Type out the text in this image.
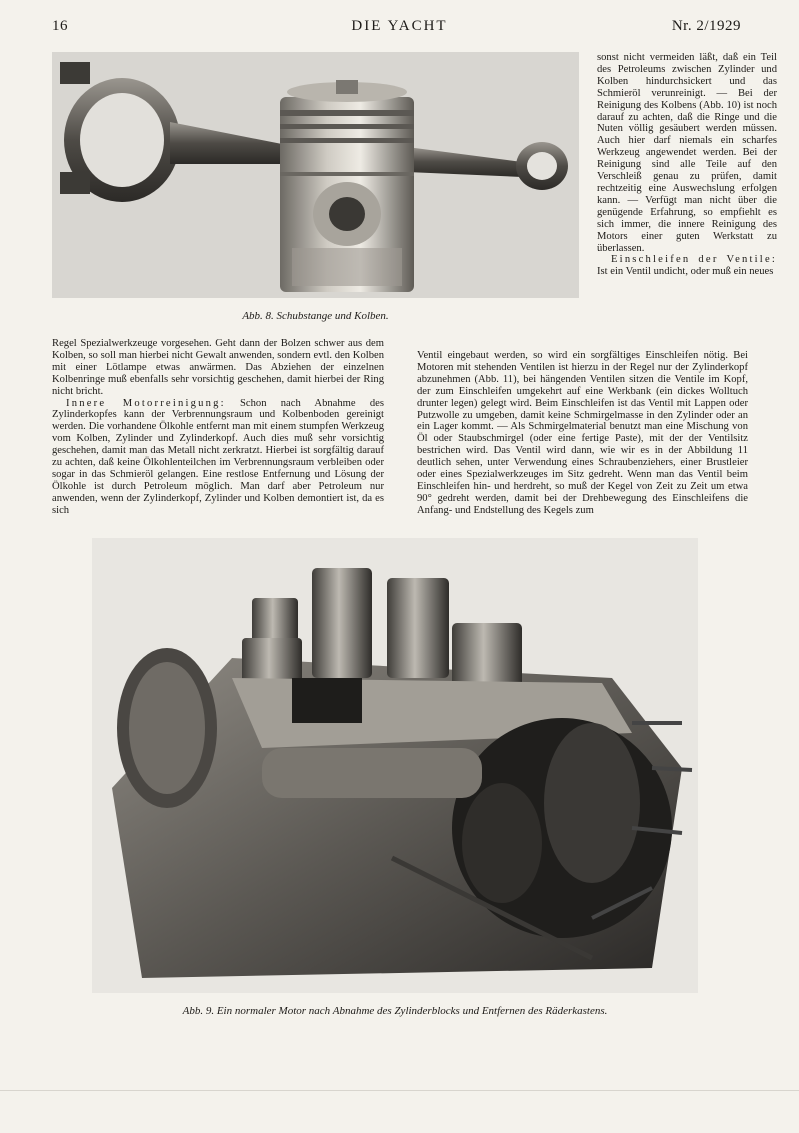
DIE YACHT
16	Nr. 2/1929
Abb. 8. Schubstange und Kolben.

sonst nicht vermeiden läßt, daß ein Teil des Petroleums zwischen Zylinder und Kolben hindurchsickert und das Schmieröl verunreinigt. — Bei der Reinigung des Kolbens (Abb. 10) ist noch darauf zu achten, daß die Ringe und die Nuten völlig gesäubert werden müssen. Auch hier darf niemals ein scharfes Werkzeug angewendet werden. Bei der Reinigung sind alle Teile auf den Verschleiß genau zu prüfen, damit rechtzeitig eine Auswechslung erfolgen kann. — Verfügt man nicht über die genügende Erfahrung, so empfiehlt es sich immer, die innere Reinigung des Motors einer guten Werkstatt zu überlassen.

Einschleifen der Ventile: Ist ein Ventil undicht, oder muß ein neues

Regel Spezialwerkzeuge vorgesehen. Geht dann der Bolzen schwer aus dem Kolben, so soll man hierbei nicht Gewalt anwenden, sondern evtl. den Kolben mit einer Lötlampe etwas anwärmen. Das Abziehen der einzelnen Kolbenringe muß ebenfalls sehr vorsichtig geschehen, damit hierbei der Ring nicht bricht.

Innere Motorreinigung: Schon nach Abnahme des Zylinderkopfes kann der Verbrennungsraum und Kolbenboden gereinigt werden. Die vorhandene Ölkohle entfernt man mit einem stumpfen Werkzeug vom Kolben, Zylinder und Zylinderkopf. Auch dies muß sehr vorsichtig geschehen, damit man das Metall nicht zerkratzt. Hierbei ist sorgfältig darauf zu achten, daß keine Ölkohlenteilchen im Verbrennungsraum verbleiben oder sogar in das Schmieröl gelangen. Eine restlose Entfernung und Lösung der Ölkohle ist durch Petroleum möglich. Man darf aber Petroleum nur anwenden, wenn der Zylinderkopf, Zylinder und Kolben demontiert ist, da es sich

Ventil eingebaut werden, so wird ein sorgfältiges Einschleifen nötig. Bei Motoren mit stehenden Ventilen ist hierzu in der Regel nur der Zylinderkopf abzunehmen (Abb. 11), bei hängenden Ventilen sitzen die Ventile im Kopf, der zum Einschleifen umgekehrt auf eine Werkbank (ein dickes Wolltuch drunter legen) gelegt wird. Beim Einschleifen ist das Ventil mit Lappen oder Putzwolle zu umgeben, damit keine Schmirgelmasse in den Zylinder oder an ein Lager kommt. — Als Schmirgelmaterial benutzt man eine Mischung von Öl oder Staubschmirgel (oder eine fertige Paste), mit der der Ventilsitz bestrichen wird. Das Ventil wird dann, wie wir es in der Abbildung 11 deutlich sehen, unter Verwendung eines Schraubenziehers, einer Brustleier oder eines Spezialwerkzeuges im Sitz gedreht. Wenn man das Ventil beim Einschleifen hin- und herdreht, so muß der Kegel von Zeit zu Zeit um etwa 90° gedreht werden, damit bei der Drehbewegung des Einschleifens die Anfang- und Endstellung des Kegels zum

Abb. 9. Ein normaler Motor nach Abnahme des Zylinderblocks und Entfernen des Räderkastens.
